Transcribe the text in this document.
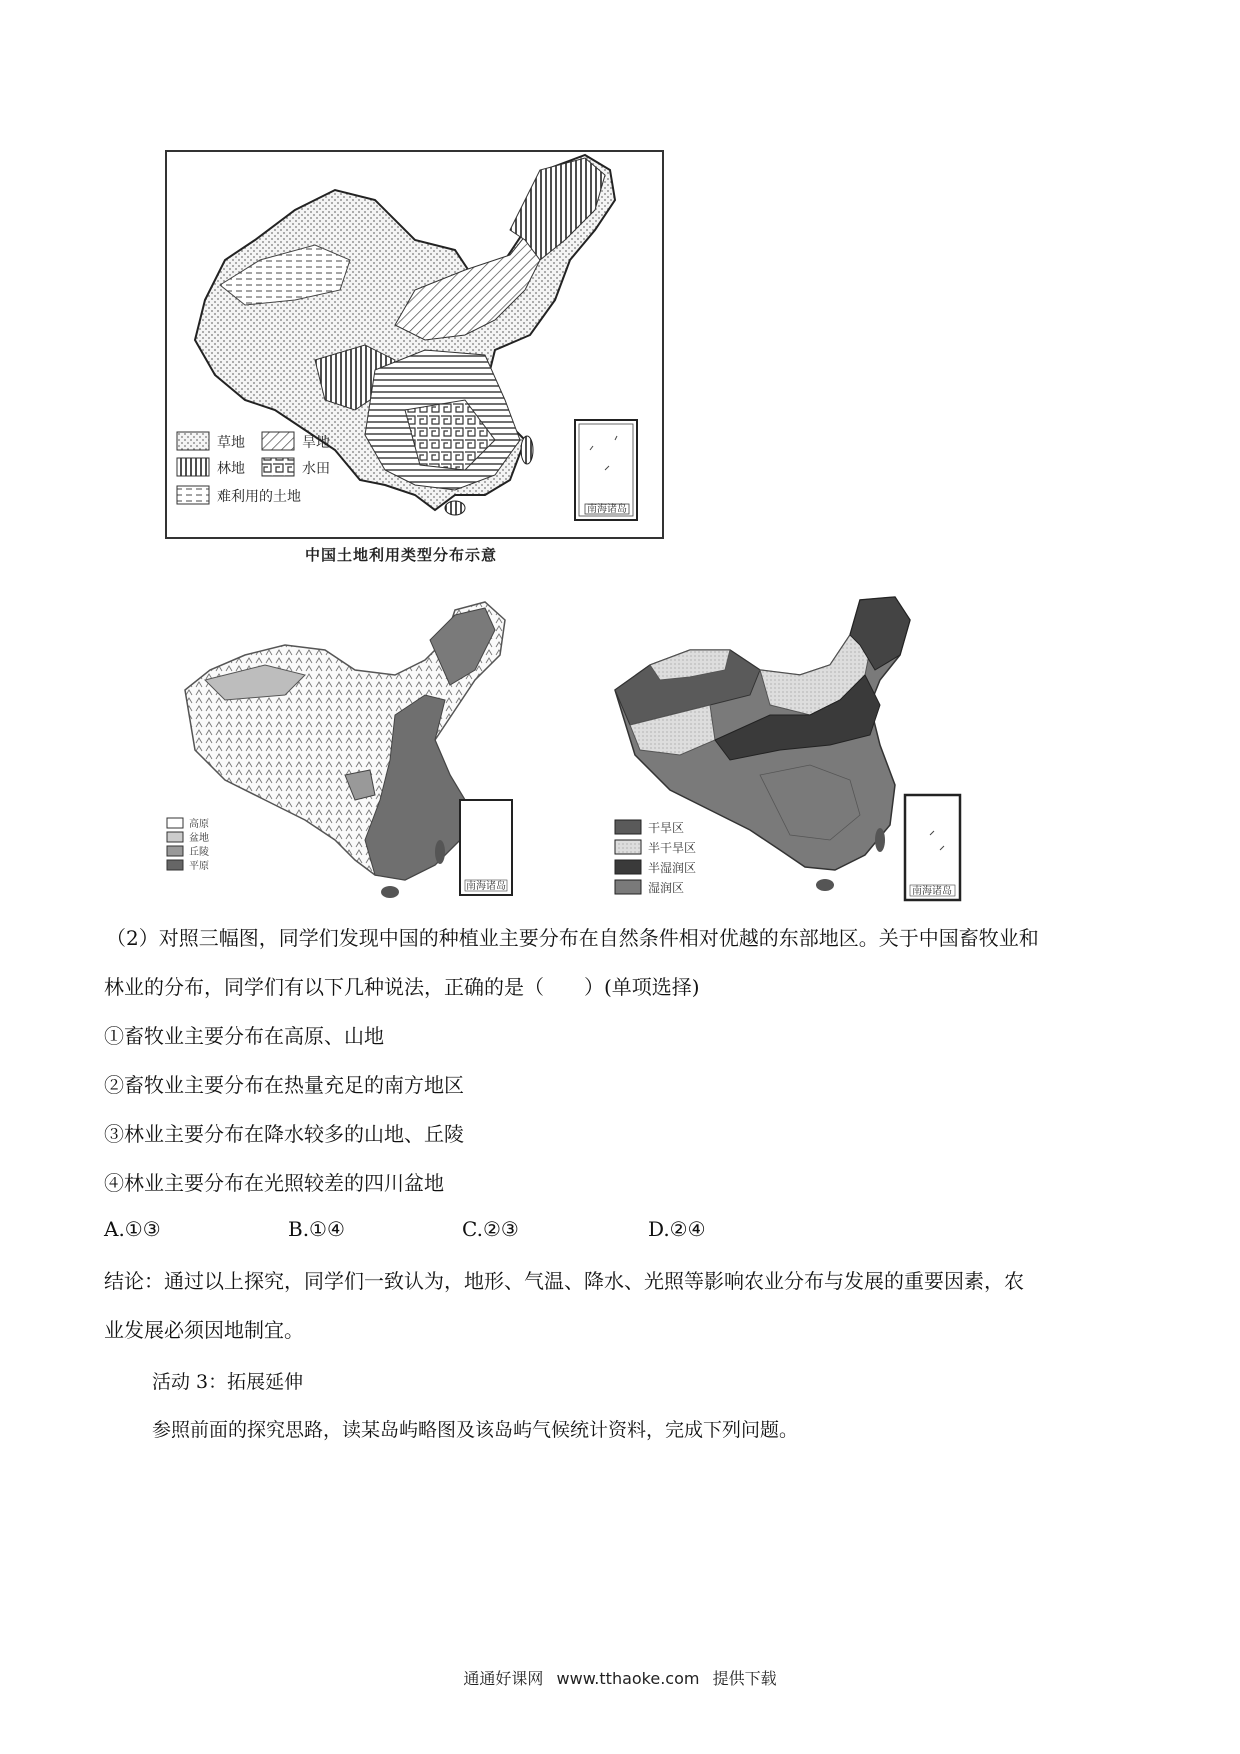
南海诸岛
草地	旱地
林地	水田
难利用的土地
中国土地利用类型分布示意
南海诸岛
高原
盆地
丘陵
平原
南海诸岛
干旱区
半干旱区
半湿润区
湿润区
（2）对照三幅图，同学们发现中国的种植业主要分布在自然条件相对优越的东部地区。关于中国畜牧业和
林业的分布，同学们有以下几种说法，正确的是（　　）(单项选择)
①畜牧业主要分布在高原、山地
②畜牧业主要分布在热量充足的南方地区
③林业主要分布在降水较多的山地、丘陵
④林业主要分布在光照较差的四川盆地
A.①③	B.①④	C.②③	D.②④
结论：通过以上探究，同学们一致认为，地形、气温、降水、光照等影响农业分布与发展的重要因素，农
业发展必须因地制宜。
活动 3：拓展延伸
参照前面的探究思路，读某岛屿略图及该岛屿气候统计资料，完成下列问题。
通通好课网 www.tthaoke.com 提供下载
